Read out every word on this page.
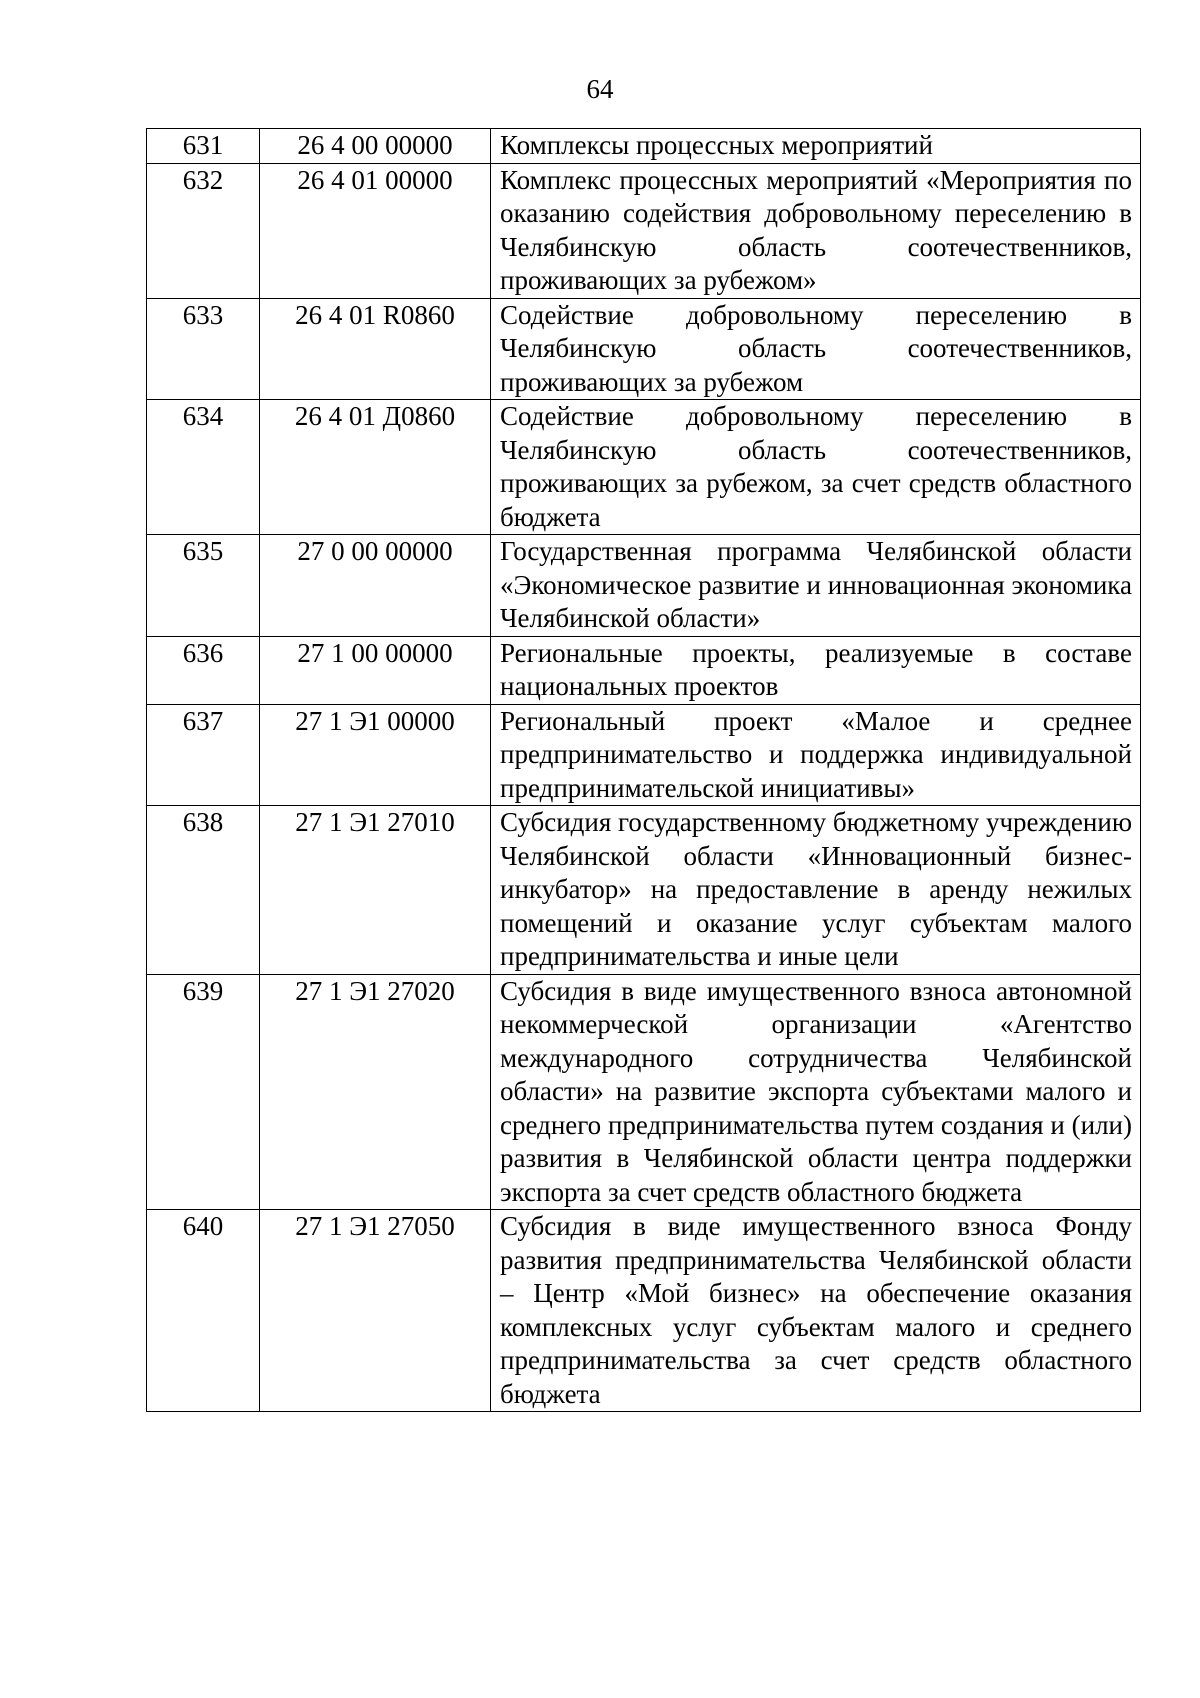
64
631	26 4 00 00000	Комплексы процессных мероприятий
632	26 4 01 00000	Комплекс процессных мероприятий «Мероприятия по оказанию содействия добровольному переселению в Челябинскую область соотечественников, проживающих за рубежом»
633	26 4 01 R0860	Содействие добровольному переселению в Челябинскую область соотечественников, проживающих за рубежом
634	26 4 01 Д0860	Содействие добровольному переселению в Челябинскую область соотечественников, проживающих за рубежом, за счет средств областного бюджета
635	27 0 00 00000	Государственная программа Челябинской области «Экономическое развитие и инновационная экономика Челябинской области»
636	27 1 00 00000	Региональные проекты, реализуемые в составе национальных проектов
637	27 1 Э1 00000	Региональный проект «Малое и среднее предпринимательство и поддержка индивидуальной предпринимательской инициативы»
638	27 1 Э1 27010	Субсидия государственному бюджетному учреждению Челябинской области «Инновационный бизнес-инкубатор» на предоставление в аренду нежилых помещений и оказание услуг субъектам малого предпринимательства и иные цели
639	27 1 Э1 27020	Субсидия в виде имущественного взноса автономной некоммерческой организации «Агентство международного сотрудничества Челябинской области» на развитие экспорта субъектами малого и среднего предпринимательства путем создания и (или) развития в Челябинской области центра поддержки экспорта за счет средств областного бюджета
640	27 1 Э1 27050	Субсидия в виде имущественного взноса Фонду развития предпринимательства Челябинской области – Центр «Мой бизнес» на обеспечение оказания комплексных услуг субъектам малого и среднего предпринимательства за счет средств областного бюджета
